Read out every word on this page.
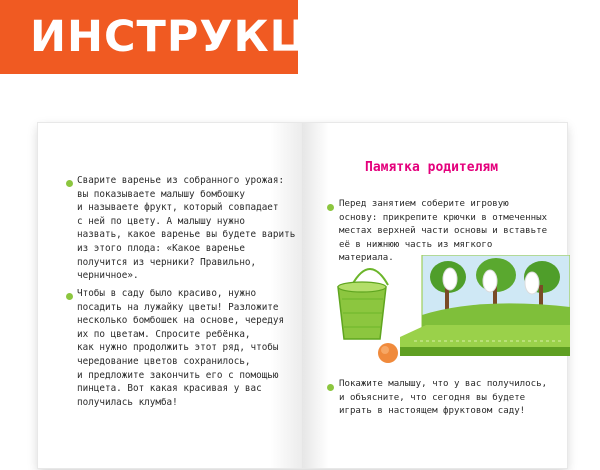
ИНСТРУКЦИЯ
Сварите варенье из собранного урожая:
вы показываете малышу бомбошку
и называете фрукт, который совпадает
с ней по цвету. А малышу нужно
назвать, какое варенье вы будете варить
из этого плода: «Какое варенье
получится из черники? Правильно,
черничное».
Чтобы в саду было красиво, нужно
посадить на лужайку цветы! Разложите
несколько бомбошек на основе, чередуя
их по цветам. Спросите ребёнка,
как нужно продолжить этот ряд, чтобы
чередование цветов сохранилось,
и предложите закончить его с помощью
пинцета. Вот какая красивая у вас
получилась клумба!
Памятка родителям
Перед занятием соберите игровую
основу: прикрепите крючки в отмеченных
местах верхней части основы и вставьте
её в нижнюю часть из мягкого
материала.
Покажите малышу, что у вас получилось,
и объясните, что сегодня вы будете
играть в настоящем фруктовом саду!
